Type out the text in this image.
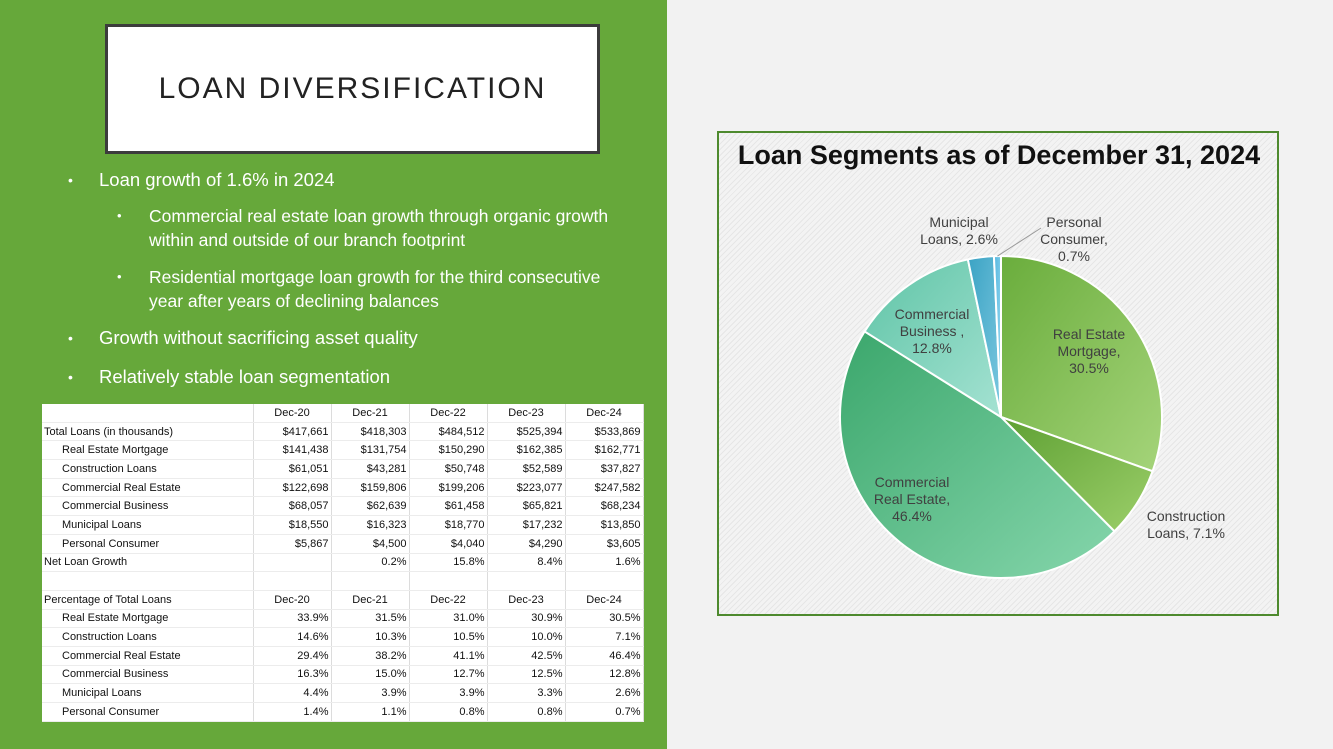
LOAN DIVERSIFICATION

• Loan growth of 1.6% in 2024

• Commercial real estate loan growth through organic growth
within and outside of our branch footprint

• Residential mortgage loan growth for the third consecutive
year after years of declining balances

• Growth without sacrificing asset quality

• Relatively stable loan segmentation

	Dec-20	Dec-21	Dec-22	Dec-23	Dec-24
Total Loans (in thousands)	$417,661	$418,303	$484,512	$525,394	$533,869
Real Estate Mortgage	$141,438	$131,754	$150,290	$162,385	$162,771
Construction Loans	$61,051	$43,281	$50,748	$52,589	$37,827
Commercial Real Estate	$122,698	$159,806	$199,206	$223,077	$247,582
Commercial Business	$68,057	$62,639	$61,458	$65,821	$68,234
Municipal Loans	$18,550	$16,323	$18,770	$17,232	$13,850
Personal Consumer	$5,867	$4,500	$4,040	$4,290	$3,605
Net Loan Growth		0.2%	15.8%	8.4%	1.6%

Percentage of Total Loans	Dec-20	Dec-21	Dec-22	Dec-23	Dec-24
Real Estate Mortgage	33.9%	31.5%	31.0%	30.9%	30.5%
Construction Loans	14.6%	10.3%	10.5%	10.0%	7.1%
Commercial Real Estate	29.4%	38.2%	41.1%	42.5%	46.4%
Commercial Business	16.3%	15.0%	12.7%	12.5%	12.8%
Municipal Loans	4.4%	3.9%	3.9%	3.3%	2.6%
Personal Consumer	1.4%	1.1%	0.8%	0.8%	0.7%
Loan Segments as of December 31, 2024
Real Estate Mortgage, 30.5%
Construction Loans, 7.1%
Commercial Real Estate, 46.4%
Commercial Business , 12.8%
Municipal Loans, 2.6%
Personal Consumer, 0.7%
